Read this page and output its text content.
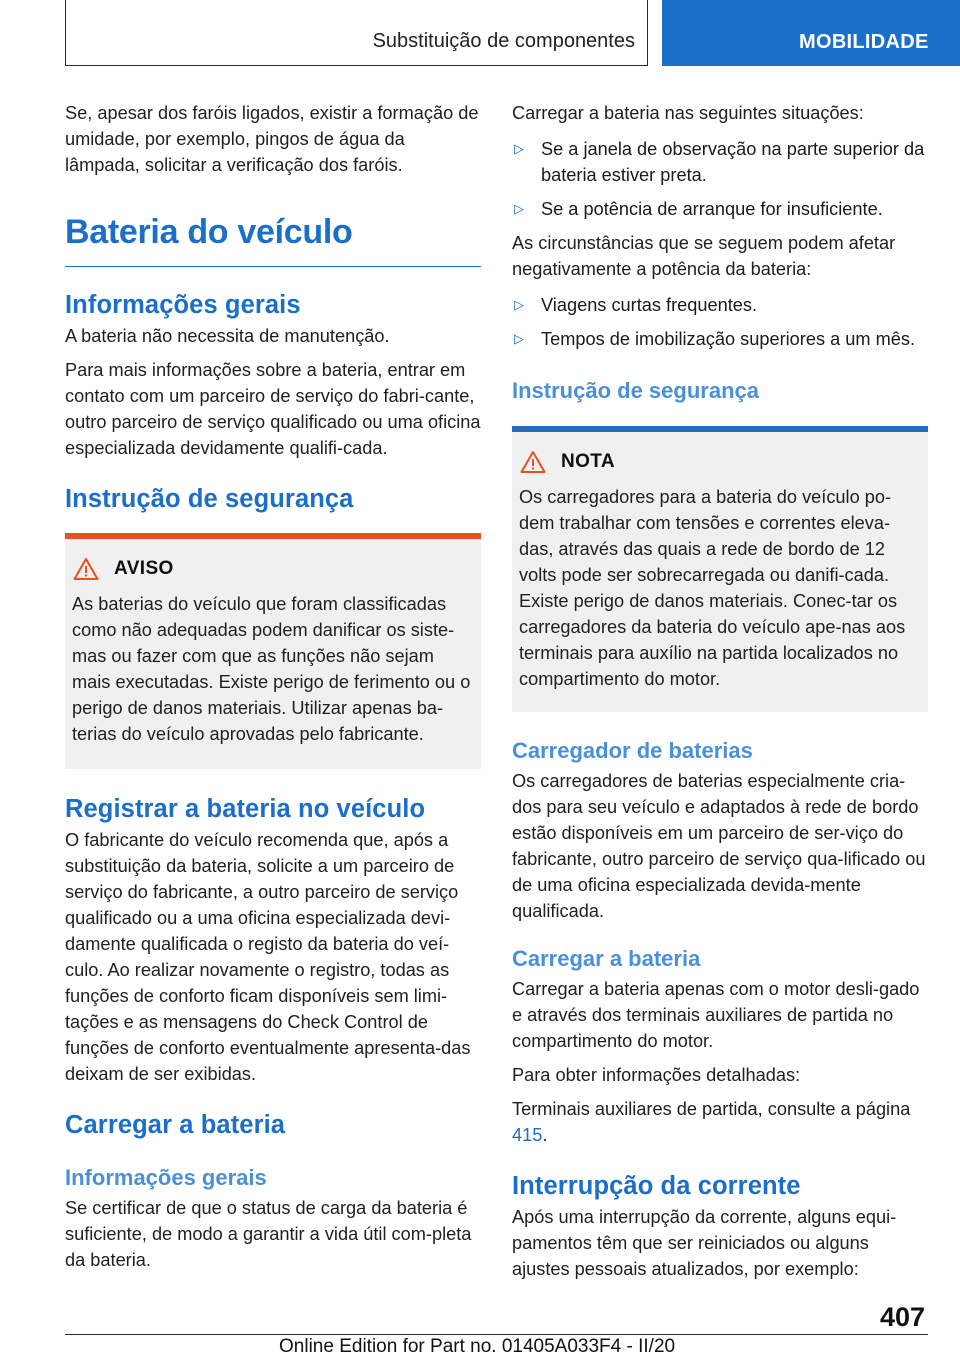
Substituição de componentes	MOBILIDADE

Se, apesar dos faróis ligados, existir a formação de umidade, por exemplo, pingos de água da lâmpada, solicitar a verificação dos faróis.

Bateria do veículo
Informações gerais

A bateria não necessita de manutenção.

Para mais informações sobre a bateria, entrar em contato com um parceiro de serviço do fabri-cante, outro parceiro de serviço qualificado ou uma oficina especializada devidamente qualifi-cada.

Instrução de segurança
AVISO

As baterias do veículo que foram classificadas como não adequadas podem danificar os siste-mas ou fazer com que as funções não sejam mais executadas. Existe perigo de ferimento ou o perigo de danos materiais. Utilizar apenas ba-terias do veículo aprovadas pelo fabricante.

Registrar a bateria no veículo

O fabricante do veículo recomenda que, após a substituição da bateria, solicite a um parceiro de serviço do fabricante, a outro parceiro de serviço qualificado ou a uma oficina especializada devi-damente qualificada o registo da bateria do veí-culo. Ao realizar novamente o registro, todas as funções de conforto ficam disponíveis sem limi-tações e as mensagens do Check Control de funções de conforto eventualmente apresenta-das deixam de ser exibidas.

Carregar a bateria
Informações gerais

Se certificar de que o status de carga da bateria é suficiente, de modo a garantir a vida útil com-pleta da bateria.

Carregar a bateria nas seguintes situações:

▷ Se a janela de observação na parte superior da bateria estiver preta.
▷ Se a potência de arranque for insuficiente.

As circunstâncias que se seguem podem afetar negativamente a potência da bateria:

▷ Viagens curtas frequentes.
▷ Tempos de imobilização superiores a um mês.
Instrução de segurança
NOTA

Os carregadores para a bateria do veículo po-dem trabalhar com tensões e correntes eleva-das, através das quais a rede de bordo de 12 volts pode ser sobrecarregada ou danifi-cada. Existe perigo de danos materiais. Conec-tar os carregadores da bateria do veículo ape-nas aos terminais para auxílio na partida localizados no compartimento do motor.

Carregador de baterias

Os carregadores de baterias especialmente cria-dos para seu veículo e adaptados à rede de bordo estão disponíveis em um parceiro de ser-viço do fabricante, outro parceiro de serviço qua-lificado ou de uma oficina especializada devida-mente qualificada.

Carregar a bateria

Carregar a bateria apenas com o motor desli-gado e através dos terminais auxiliares de partida no compartimento do motor.

Para obter informações detalhadas:

Terminais auxiliares de partida, consulte a página
415.

Interrupção da corrente

Após uma interrupção da corrente, alguns equi-pamentos têm que ser reiniciados ou alguns ajustes pessoais atualizados, por exemplo:

407
Online Edition for Part no. 01405A033F4 - II/20
